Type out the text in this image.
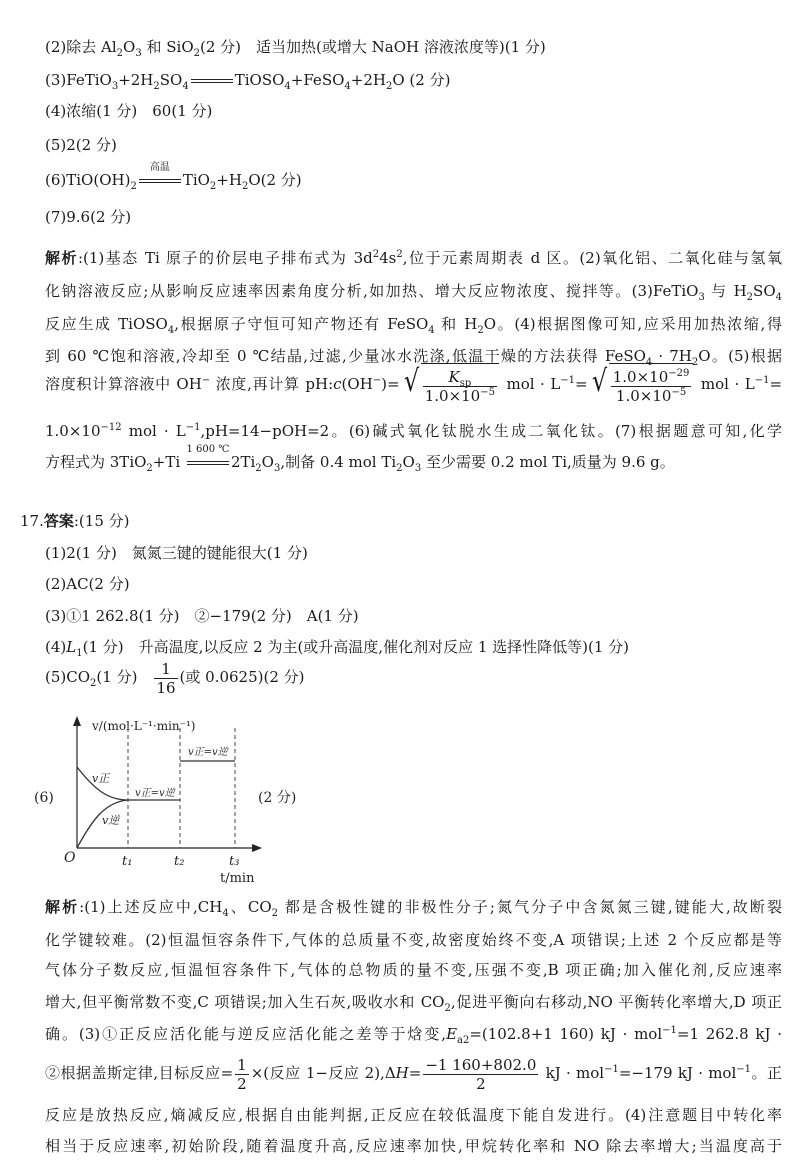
(2)除去 $Al_2O_3$ 和 SiO$_2$(2 分)　适当加热(或增大 NaOH 溶液浓度等)(1 分)
$(3)FeTiO_3+2H_2SO_4$	$TiOSO_4+FeSO_4+2H_2O$ (2 分)
(4)浓缩(1 分)　60(1 分)
(5)2(2 分)
$(6)TiO(OH)_2$
高温
$TiO_2+H_2O(2$ 分)
(7)9.6(2 分)
解析:(1)基态 Ti 原子的价层电子排布式为 $3d^24s^2$,位于元素周期表 d 区。(2)氧化铝、二氧化硅与氢氧
化钠溶液反应;从影响反应速率因素角度分析,如加热、增大反应物浓度、搅拌等。(3)FeTiO$_3$ 与 $H_2SO_4$
反应生成 TiOSO$_4$,根据原子守恒可知产物还有 FeSO$_4$ 和 $H_2O$。(4)根据图像可知,应采用加热浓缩,得
到 60 ℃饱和溶液,冷却至 0 ℃结晶,过滤,少量冰水洗涤,低温干燥的方法获得 FeSO$_4$ · $7H_2O$。(5)根据
溶度积计算溶液中 OH− 浓度,再计算 pH:c(OH−)= √ $\frac{K_{sp}}{1.0\times 10^{-5}}$ mol · $L^{-1}=$ √ $\frac{1.0\times 10^{-29}}{1.0\times 10^{-5}}$ mol · $L^{-1}=$
$1.0\times 10^{-12}$ mol · $L^{-1},pH=14-pOH=2$。(6)碱式氧化钛脱水生成二氧化钛。(7)根据题意可知,化学
方程式为 3TiO$_2$+Ti
1 600 ℃
$2Ti_2O_3$,制备 0.4 mol $Ti_2O_3$ 至少需要 0.2 mol Ti,质量为 9.6 g。
17.答案:(15 分)
(1)2(1 分)　氮氮三键的键能很大(1 分)
(2)AC(2 分)
(3)①1 262.8(1 分)　②−179(2 分)　A(1 分)
$(4)L_1(1$ 分)　升高温度,以反应 2 为主(或升高温度,催化剂对反应 1 选择性降低等)(1 分)
$(5)CO_2(1$ 分)　 $\frac{1}{16}$ (或 0.0625)(2 分)
解析:(1)上述反应中$,CH_4$、$CO_2$ 都是含极性键的非极性分子;氮气分子中含氮氮三键,键能大,故断裂
化学键较难。(2)恒温恒容条件下,气体的总质量不变,故密度始终不变,A 项错误;上述 2 个反应都是等
气体分子数反应,恒温恒容条件下,气体的总物质的量不变,压强不变,B 项正确;加入催化剂,反应速率
增大,但平衡常数不变,C 项错误;加入生石灰,吸收水和 $CO_2$,促进平衡向右移动,NO 平衡转化率增大,D 项正
确。(3)①正反应活化能与逆反应活化能之差等于焓变$,E_{a2}=(102.8+1$ 160) kJ · mol$^{-1}$=1 262.8 kJ ·
②根据盖斯定律,目标反应= $\frac{1}{2}$ ×(反应 1−反应 $2),\Delta H= \frac{-1 160+802.0}{2}$ kJ · mol$^{-1}$=−179 kJ · mol$^{-1}$。正
反应是放热反应,熵减反应,根据自由能判据,正反应在较低温度下能自发进行。(4)注意题目中转化率
相当于反应速率,初始阶段,随着温度升高,反应速率加快,甲烷转化率和 NO 除去率增大;当温度高于
(6)
v/(mol·L⁻¹·min⁻¹)
t/min
O	t₁	t₂	t₃
v正
v逆
v正=v逆
v正=v逆
(2 分)
